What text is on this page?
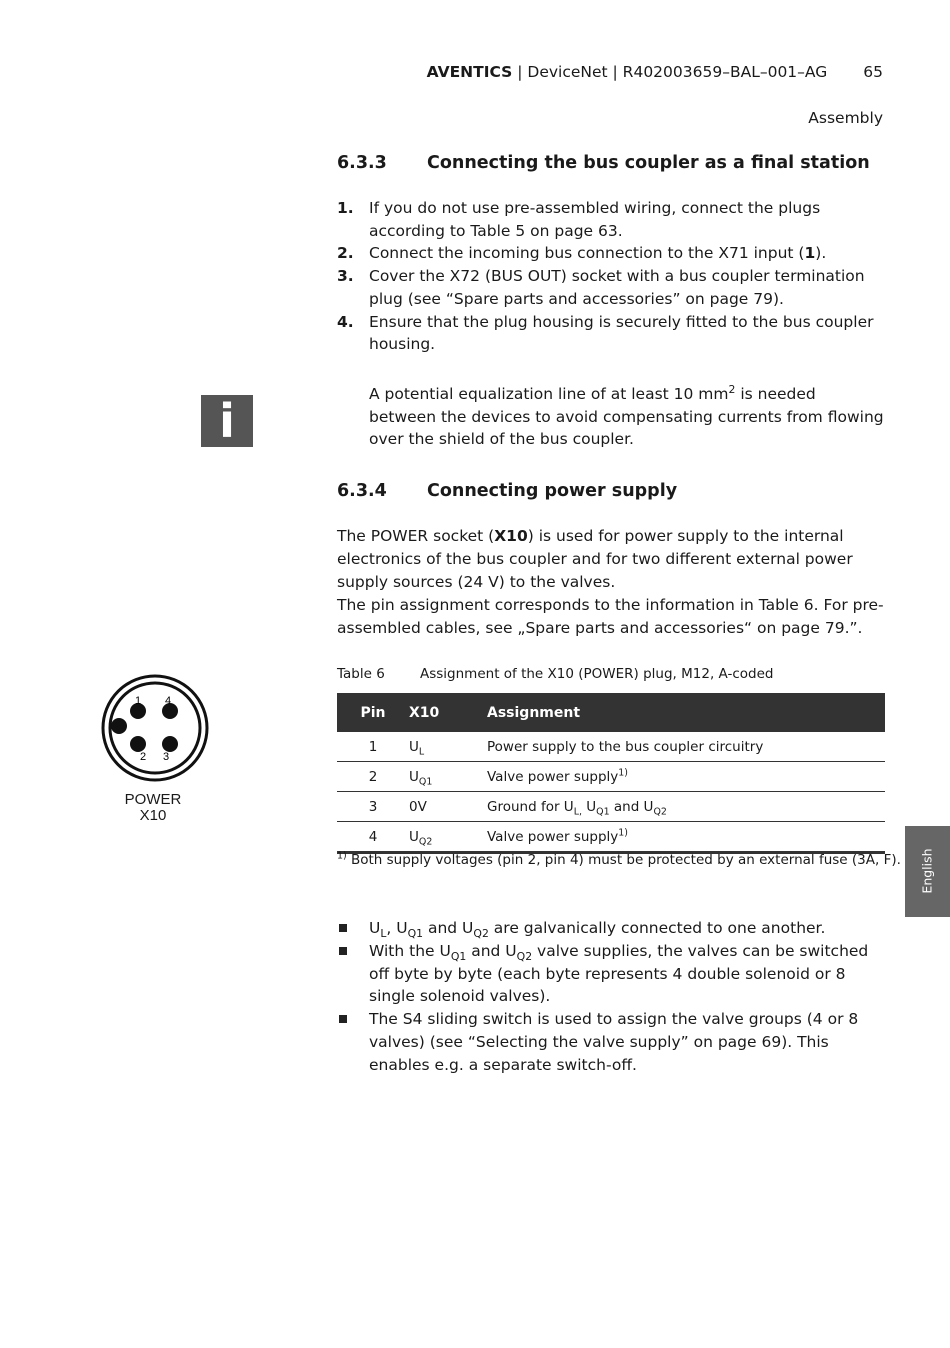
AVENTICS | DeviceNet | R402003659–BAL–001–AG 65
Assembly
6.3.3 Connecting the bus coupler as a final station
1. If you do not use pre-assembled wiring, connect the plugs according to Table 5 on page 63.
2. Connect the incoming bus connection to the X71 input (1).
3. Cover the X72 (BUS OUT) socket with a bus coupler termination plug (see “Spare parts and accessories” on page 79).
4. Ensure that the plug housing is securely fitted to the bus coupler housing.
i	A potential equalization line of at least 10 $mm^2$ is needed between the devices to avoid compensating currents from flowing over the shield of the bus coupler.
6.3.4 Connecting power supply
The POWER socket (X10) is used for power supply to the internal electronics of the bus coupler and for two different external power supply sources (24 V) to the valves.
The pin assignment corresponds to the information in Table 6. For pre-assembled cables, see „Spare parts and accessories“ on page 79.”.
1 4
2 3
POWER
X10
Table 6	Assignment of the X10 (POWER) plug, M12, A-coded
Pin	X10	Assignment
1	$U_L$	Power supply to the bus coupler circuitry
2	$U_{Q1}$	Valve power supply$^{1)}$
3	0V	Ground for $U_{L,}$ $U_{Q1}$ and $U_{Q2}$
4	$U_{Q2}$	Valve power supply$^{1)}$
$^{1)}$ Both supply voltages (pin 2, pin 4) must be protected by an external fuse (3A, F).
$U_L$, $U_{Q1}$ and $U_{Q2}$ are galvanically connected to one another.
With the $U_{Q1}$ and $U_{Q2}$ valve supplies, the valves can be switched off byte by byte (each byte represents 4 double solenoid or 8 single solenoid valves).
The S4 sliding switch is used to assign the valve groups (4 or 8 valves) (see “Selecting the valve supply” on page 69). This enables e.g. a separate switch-off.
English
